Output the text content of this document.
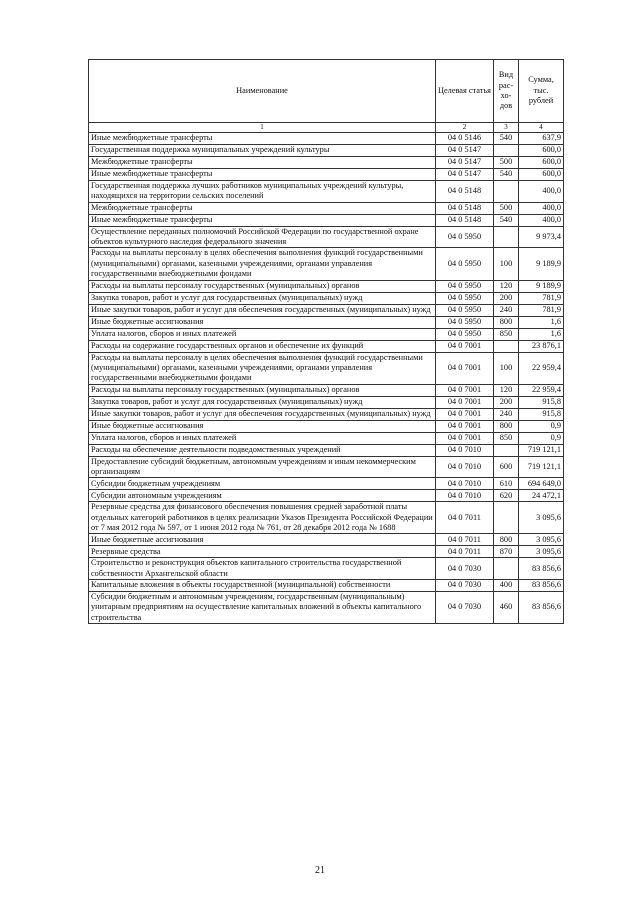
Наименование	Целевая статья	Вид рас-хо-дов	Сумма, тыс. рублей
1	2	3	4
Иные межбюджетные трансферты	04 0 5146	540	637,9
Государственная поддержка муниципальных учреждений культуры	04 0 5147		600,0
Межбюджетные трансферты	04 0 5147	500	600,0
Иные межбюджетные трансферты	04 0 5147	540	600,0
Государственная поддержка лучших работников муниципальных учреждений культуры, находящихся на территории сельских поселений	04 0 5148		400,0
Межбюджетные трансферты	04 0 5148	500	400,0
Иные межбюджетные трансферты	04 0 5148	540	400,0
Осуществление переданных полномочий Российской Федерации по государственной охране объектов культурного наследия федерального значения	04 0 5950		9 973,4
Расходы на выплаты персоналу в целях обеспечения выполнения функций государственными (муниципальными) органами, казенными учреждениями, органами управления государственными внебюджетными фондами	04 0 5950	100	9 189,9
Расходы на выплаты персоналу государственных (муниципальных) органов	04 0 5950	120	9 189,9
Закупка товаров, работ и услуг для государственных (муниципальных) нужд	04 0 5950	200	781,9
Иные закупки товаров, работ и услуг для обеспечения государственных (муниципальных) нужд	04 0 5950	240	781,9
Иные бюджетные ассигнования	04 0 5950	800	1,6
Уплата налогов, сборов и иных платежей	04 0 5950	850	1,6
Расходы на содержание государственных органов и обеспечение их функций	04 0 7001		23 876,1
Расходы на выплаты персоналу в целях обеспечения выполнения функций государственными (муниципальными) органами, казенными учреждениями, органами управления государственными внебюджетными фондами	04 0 7001	100	22 959,4
Расходы на выплаты персоналу государственных (муниципальных) органов	04 0 7001	120	22 959,4
Закупка товаров, работ и услуг для государственных (муниципальных) нужд	04 0 7001	200	915,8
Иные закупки товаров, работ и услуг для обеспечения государственных (муниципальных) нужд	04 0 7001	240	915,8
Иные бюджетные ассигнования	04 0 7001	800	0,9
Уплата налогов, сборов и иных платежей	04 0 7001	850	0,9
Расходы на обеспечение деятельности подведомственных учреждений	04 0 7010		719 121,1
Предоставление субсидий бюджетным, автономным учреждениям и иным некоммерческим организациям	04 0 7010	600	719 121,1
Субсидии бюджетным учреждениям	04 0 7010	610	694 649,0
Субсидии автономным учреждениям	04 0 7010	620	24 472,1
Резервные средства для финансового обеспечения повышения средней заработной платы отдельных категорий работников в целях реализации Указов Президента Российской Федерации от 7 мая 2012 года № 597, от 1 июня 2012 года № 761, от 28 декабря 2012 года № 1688	04 0 7011		3 095,6
Иные бюджетные ассигнования	04 0 7011	800	3 095,6
Резервные средства	04 0 7011	870	3 095,6
Строительство и реконструкция объектов капитального строительства государственной собственности Архангельской области	04 0 7030		83 856,6
Капитальные вложения в объекты государственной (муниципальной) собственности	04 0 7030	400	83 856,6
Субсидии бюджетным и автономным учреждениям, государственным (муниципальным) унитарным предприятиям на осуществление капитальных вложений в объекты капитального строительства	04 0 7030	460	83 856,6
21
